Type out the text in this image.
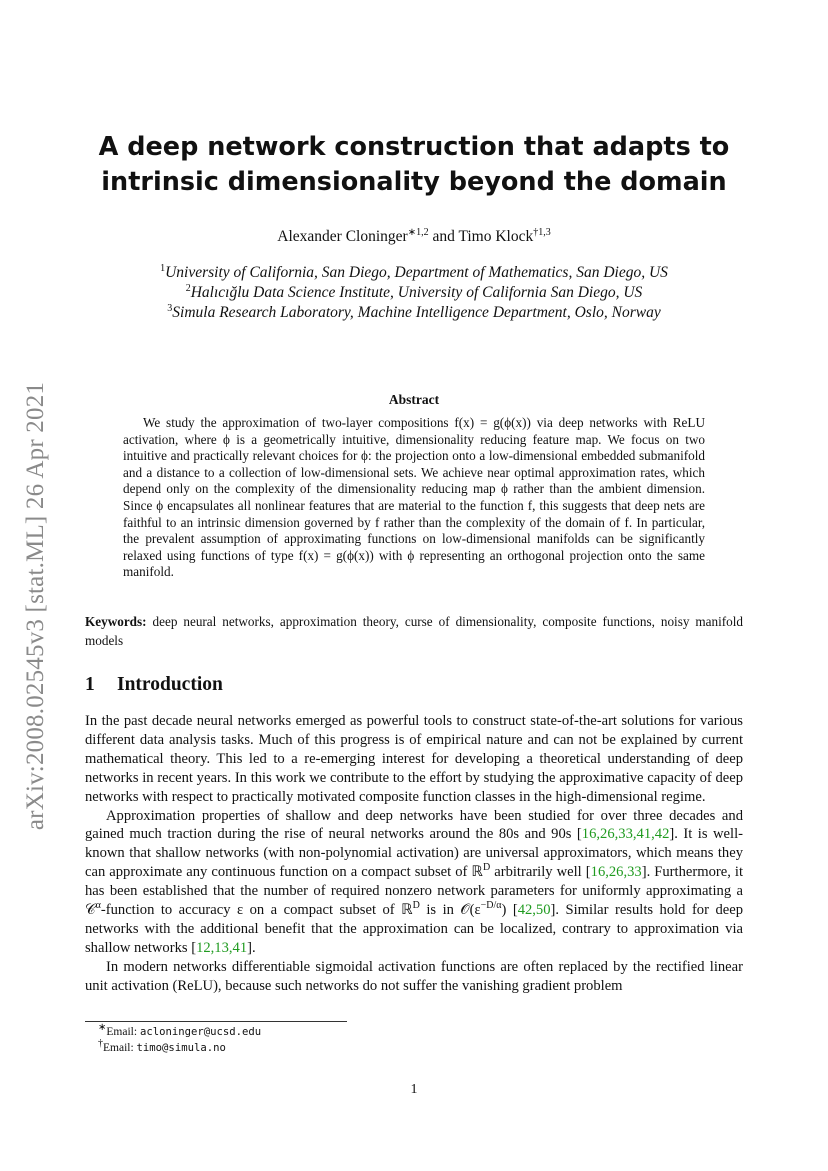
arXiv:2008.02545v3 [stat.ML] 26 Apr 2021
A deep network construction that adapts to intrinsic dimensionality beyond the domain
Alexander Cloninger$^{∗1,2}$ and Timo Klock$^{\dagger 1,3}$
$^1$University of California, San Diego, Department of Mathematics, San Diego, US
$^2$Halıcığlu Data Science Institute, University of California San Diego, US
$^3$Simula Research Laboratory, Machine Intelligence Department, Oslo, Norway
Abstract

We study the approximation of two-layer compositions f(x) = g(ϕ(x)) via deep networks with ReLU activation, where ϕ is a geometrically intuitive, dimensionality reducing feature map. We focus on two intuitive and practically relevant choices for ϕ: the projection onto a low-dimensional embedded submanifold and a distance to a collection of low-dimensional sets. We achieve near optimal approximation rates, which depend only on the complexity of the dimensionality reducing map ϕ rather than the ambient dimension. Since ϕ encapsulates all nonlinear features that are material to the function f, this suggests that deep nets are faithful to an intrinsic dimension governed by f rather than the complexity of the domain of f. In particular, the prevalent assumption of approximating functions on low-dimensional manifolds can be significantly relaxed using functions of type f(x) = g(ϕ(x)) with ϕ representing an orthogonal projection onto the same manifold.

Keywords: deep neural networks, approximation theory, curse of dimensionality, composite functions, noisy manifold models

1 Introduction

In the past decade neural networks emerged as powerful tools to construct state-of-the-art solutions for various different data analysis tasks. Much of this progress is of empirical nature and can not be explained by current mathematical theory. This led to a re-emerging interest for developing a theoretical understanding of deep networks in recent years. In this work we contribute to the effort by studying the approximative capacity of deep networks with respect to practically motivated composite function classes in the high-dimensional regime.

Approximation properties of shallow and deep networks have been studied for over three decades and gained much traction during the rise of neural networks around the 80s and 90s [16,26,33,41,42]. It is well-known that shallow networks (with non-polynomial activation) are universal approximators, which means they can approximate any continuous function on a compact subset of ℝ$^D$ arbitrarily well [16,26,33]. Furthermore, it has been established that the number of required nonzero network parameters for uniformly approximating a 𝒞$^\alpha$-function to accuracy ε on a compact subset of ℝ$^D$ is in $𝒪(\varepsilon^{-D/\alpha})$ [42,50]. Similar results hold for deep networks with the additional benefit that the approximation can be localized, contrary to approximation via shallow networks [12,13,41].

In modern networks differentiable sigmoidal activation functions are often replaced by the rectified linear unit activation (ReLU), because such networks do not suffer the vanishing gradient problem

∗Email: acloninger@ucsd.edu
†Email: timo@simula.no
1
